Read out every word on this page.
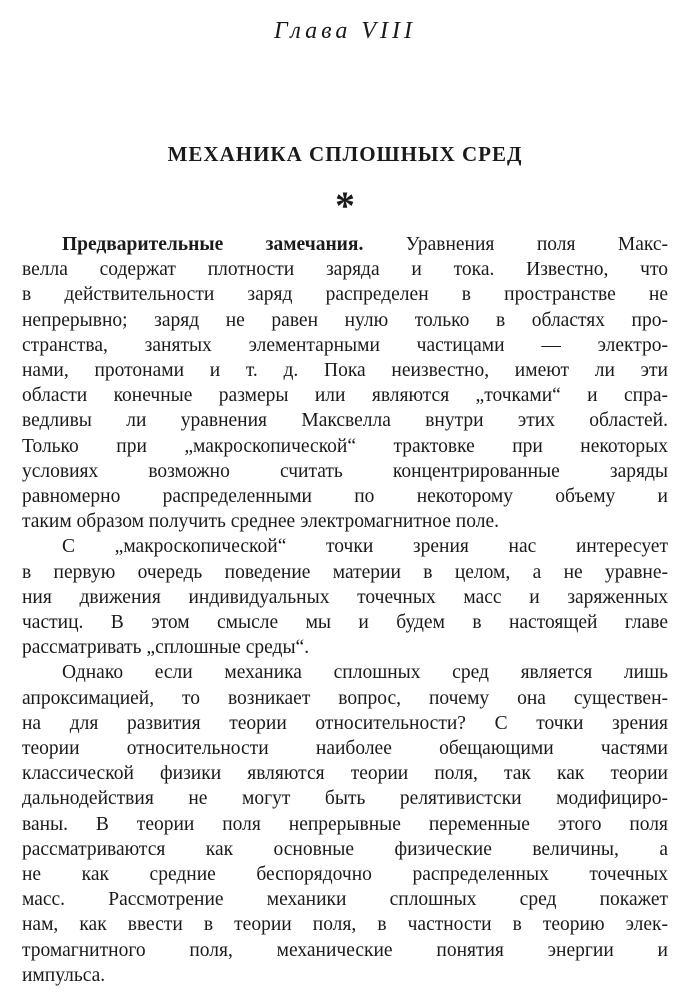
Глава VIII
МЕХАНИКА СПЛОШНЫХ СРЕД
*
Предварительные замечания. Уравнения поля Макс-
велла содержат плотности заряда и тока. Известно, что
в действительности заряд распределен в пространстве не
непрерывно; заряд не равен нулю только в областях про-
странства, занятых элементарными частицами — электро-
нами, протонами и т. д. Пока неизвестно, имеют ли эти
области конечные размеры или являются „точками“ и спра-
ведливы ли уравнения Максвелла внутри этих областей.
Только при „макроскопической“ трактовке при некоторых
условиях возможно считать концентрированные заряды
равномерно распределенными по некоторому объему и
таким образом получить среднее электромагнитное поле.
С „макроскопической“ точки зрения нас интересует
в первую очередь поведение материи в целом, а не уравне-
ния движения индивидуальных точечных масс и заряженных
частиц. В этом смысле мы и будем в настоящей главе
рассматривать „сплошные среды“.
Однако если механика сплошных сред является лишь
апроксимацией, то возникает вопрос, почему она существен-
на для развития теории относительности? С точки зрения
теории относительности наиболее обещающими частями
классической физики являются теории поля, так как теории
дальнодействия не могут быть релятивистски модифициро-
ваны. В теории поля непрерывные переменные этого поля
рассматриваются как основные физические величины, а
не как средние беспорядочно распределенных точечных
масс. Рассмотрение механики сплошных сред покажет
нам, как ввести в теории поля, в частности в теорию элек-
тромагнитного поля, механические понятия энергии и
импульса.
